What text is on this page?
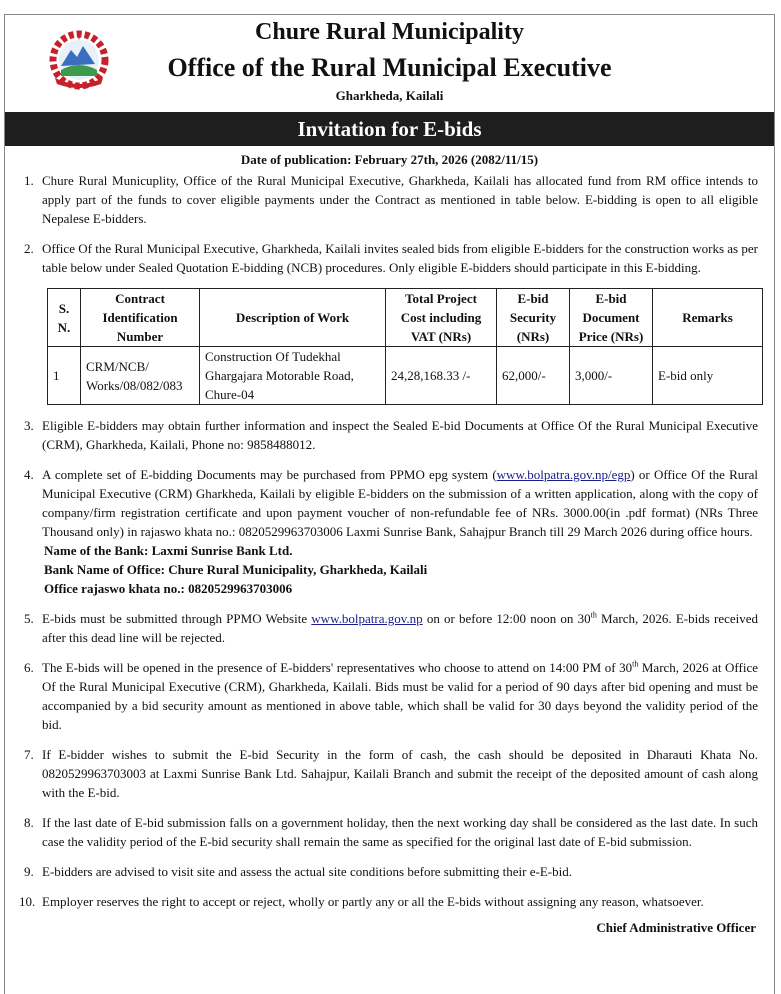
Chure Rural Municipality
Office of the Rural Municipal Executive
Gharkheda, Kailali
Invitation for E-bids
Date of publication: February 27th, 2026 (2082/11/15)
1. Chure Rural Municuplity, Office of the Rural Municipal Executive, Gharkheda, Kailali has allocated fund from RM office intends to apply part of the funds to cover eligible payments under the Contract as mentioned in table below. E-bidding is open to all eligible Nepalese E-bidders.
2. Office Of the Rural Municipal Executive, Gharkheda, Kailali invites sealed bids from eligible E-bidders for the construction works as per table below under Sealed Quotation E-bidding (NCB) procedures. Only eligible E-bidders should participate in this E-bidding.
S. N.	Contract Identification Number	Description of Work	Total Project Cost including VAT (NRs)	E-bid Security (NRs)	E-bid Document Price (NRs)	Remarks
1	CRM/NCB/ Works/08/082/083	Construction Of Tudekhal Ghargajara Motorable Road, Chure-04	24,28,168.33 /-	62,000/-	3,000/-	E-bid only
3. Eligible E-bidders may obtain further information and inspect the Sealed E-bid Documents at Office Of the Rural Municipal Executive (CRM), Gharkheda, Kailali, Phone no: 9858488012.
4. A complete set of E-bidding Documents may be purchased from PPMO epg system (www.bolpatra.gov.np/egp) or Office Of the Rural Municipal Executive (CRM) Gharkheda, Kailali by eligible E-bidders on the submission of a written application, along with the copy of company/firm registration certificate and upon payment voucher of non-refundable fee of NRs. 3000.00(in .pdf format) (NRs Three Thousand only) in rajaswo khata no.: 0820529963703006 Laxmi Sunrise Bank, Sahajpur Branch till 29 March 2026 during office hours.
Name of the Bank: Laxmi Sunrise Bank Ltd.
Bank Name of Office: Chure Rural Municipality, Gharkheda, Kailali
Office rajaswo khata no.: 0820529963703006
5. E-bids must be submitted through PPMO Website www.bolpatra.gov.np on or before 12:00 noon on 30th March, 2026. E-bids received after this dead line will be rejected.
6. The E-bids will be opened in the presence of E-bidders' representatives who choose to attend on 14:00 PM of 30th March, 2026 at Office Of the Rural Municipal Executive (CRM), Gharkheda, Kailali. Bids must be valid for a period of 90 days after bid opening and must be accompanied by a bid security amount as mentioned in above table, which shall be valid for 30 days beyond the validity period of the bid.
7. If E-bidder wishes to submit the E-bid Security in the form of cash, the cash should be deposited in Dharauti Khata No. 0820529963703003 at Laxmi Sunrise Bank Ltd. Sahajpur, Kailali Branch and submit the receipt of the deposited amount of cash along with the E-bid.
8. If the last date of E-bid submission falls on a government holiday, then the next working day shall be considered as the last date. In such case the validity period of the E-bid security shall remain the same as specified for the original last date of E-bid submission.
9. E-bidders are advised to visit site and assess the actual site conditions before submitting their e-E-bid.
10. Employer reserves the right to accept or reject, wholly or partly any or all the E-bids without assigning any reason, whatsoever.
Chief Administrative Officer
